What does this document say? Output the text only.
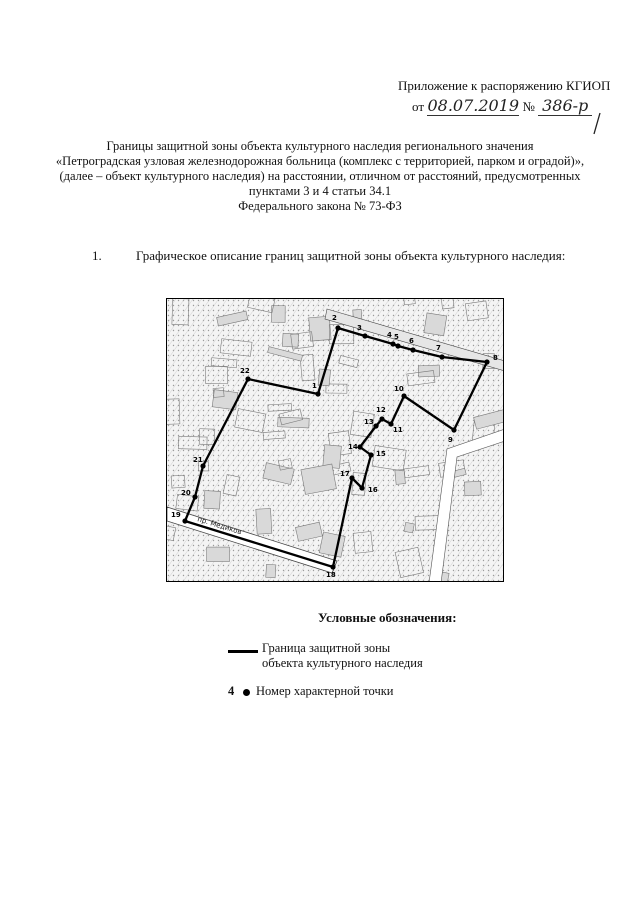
Приложение к распоряжению КГИОП
от 08.07.2019 № 386-р
Границы защитной зоны объекта культурного наследия регионального значения
«Петроградская узловая железнодорожная больница (комплекс с территорией, парком и оградой)»,
(далее – объект культурного наследия) на расстоянии, отличном от расстояний, предусмотренных
пунктами 3 и 4 статьи 34.1
Федерального закона № 73-ФЗ
1.	Графическое описание границ защитной зоны объекта культурного наследия:
пр. Медиков
1
2
3
4 5 6
7
8
9
10
11
12
13
14
15
16
17
18
19
20
21
22
Условные обозначения:
Граница защитной зоны
объекта культурного наследия
4 Номер характерной точки
